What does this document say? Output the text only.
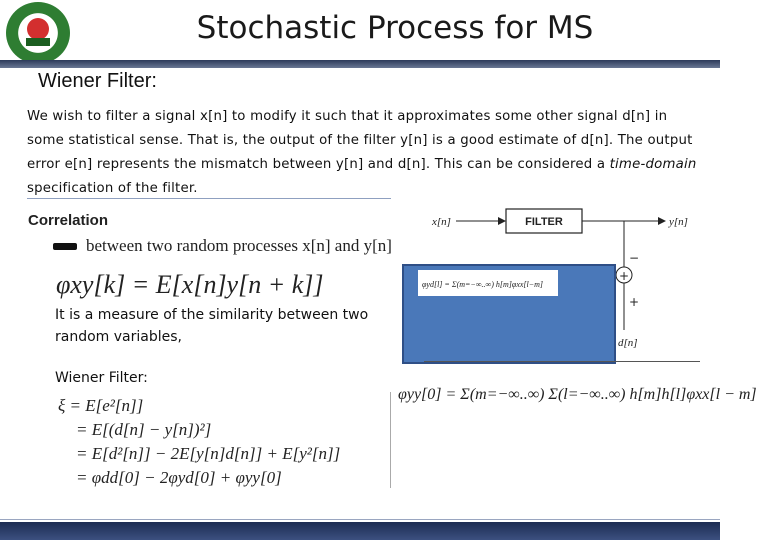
Stochastic Process for MS
Wiener Filter:
We wish to filter a signal x[n] to modify it such that it approximates some other signal d[n] in some statistical sense. That is, the output of the filter y[n] is a good estimate of d[n]. The output error e[n] represents the mismatch between y[n] and d[n]. This can be considered a time-domain specification of the filter.
Correlation
between two random processes x[n] and y[n]
φxy[k] = E[x[n]y[n + k]]
x[n]	FILTER	y[n]
−
+
+
d[n]
φyd[l] = Σ(m=−∞..∞) h[m]φxx[l−m]
It is a measure of the similarity between two random variables,
Wiener Filter:
ξ = E[e²[n]]
= E[(d[n] − y[n])²]
= E[d²[n]] − 2E[y[n]d[n]] + E[y²[n]]
= φdd[0] − 2φyd[0] + φyy[0]
φyy[0] = Σ(m=−∞..∞) Σ(l=−∞..∞) h[m]h[l]φxx[l − m]
